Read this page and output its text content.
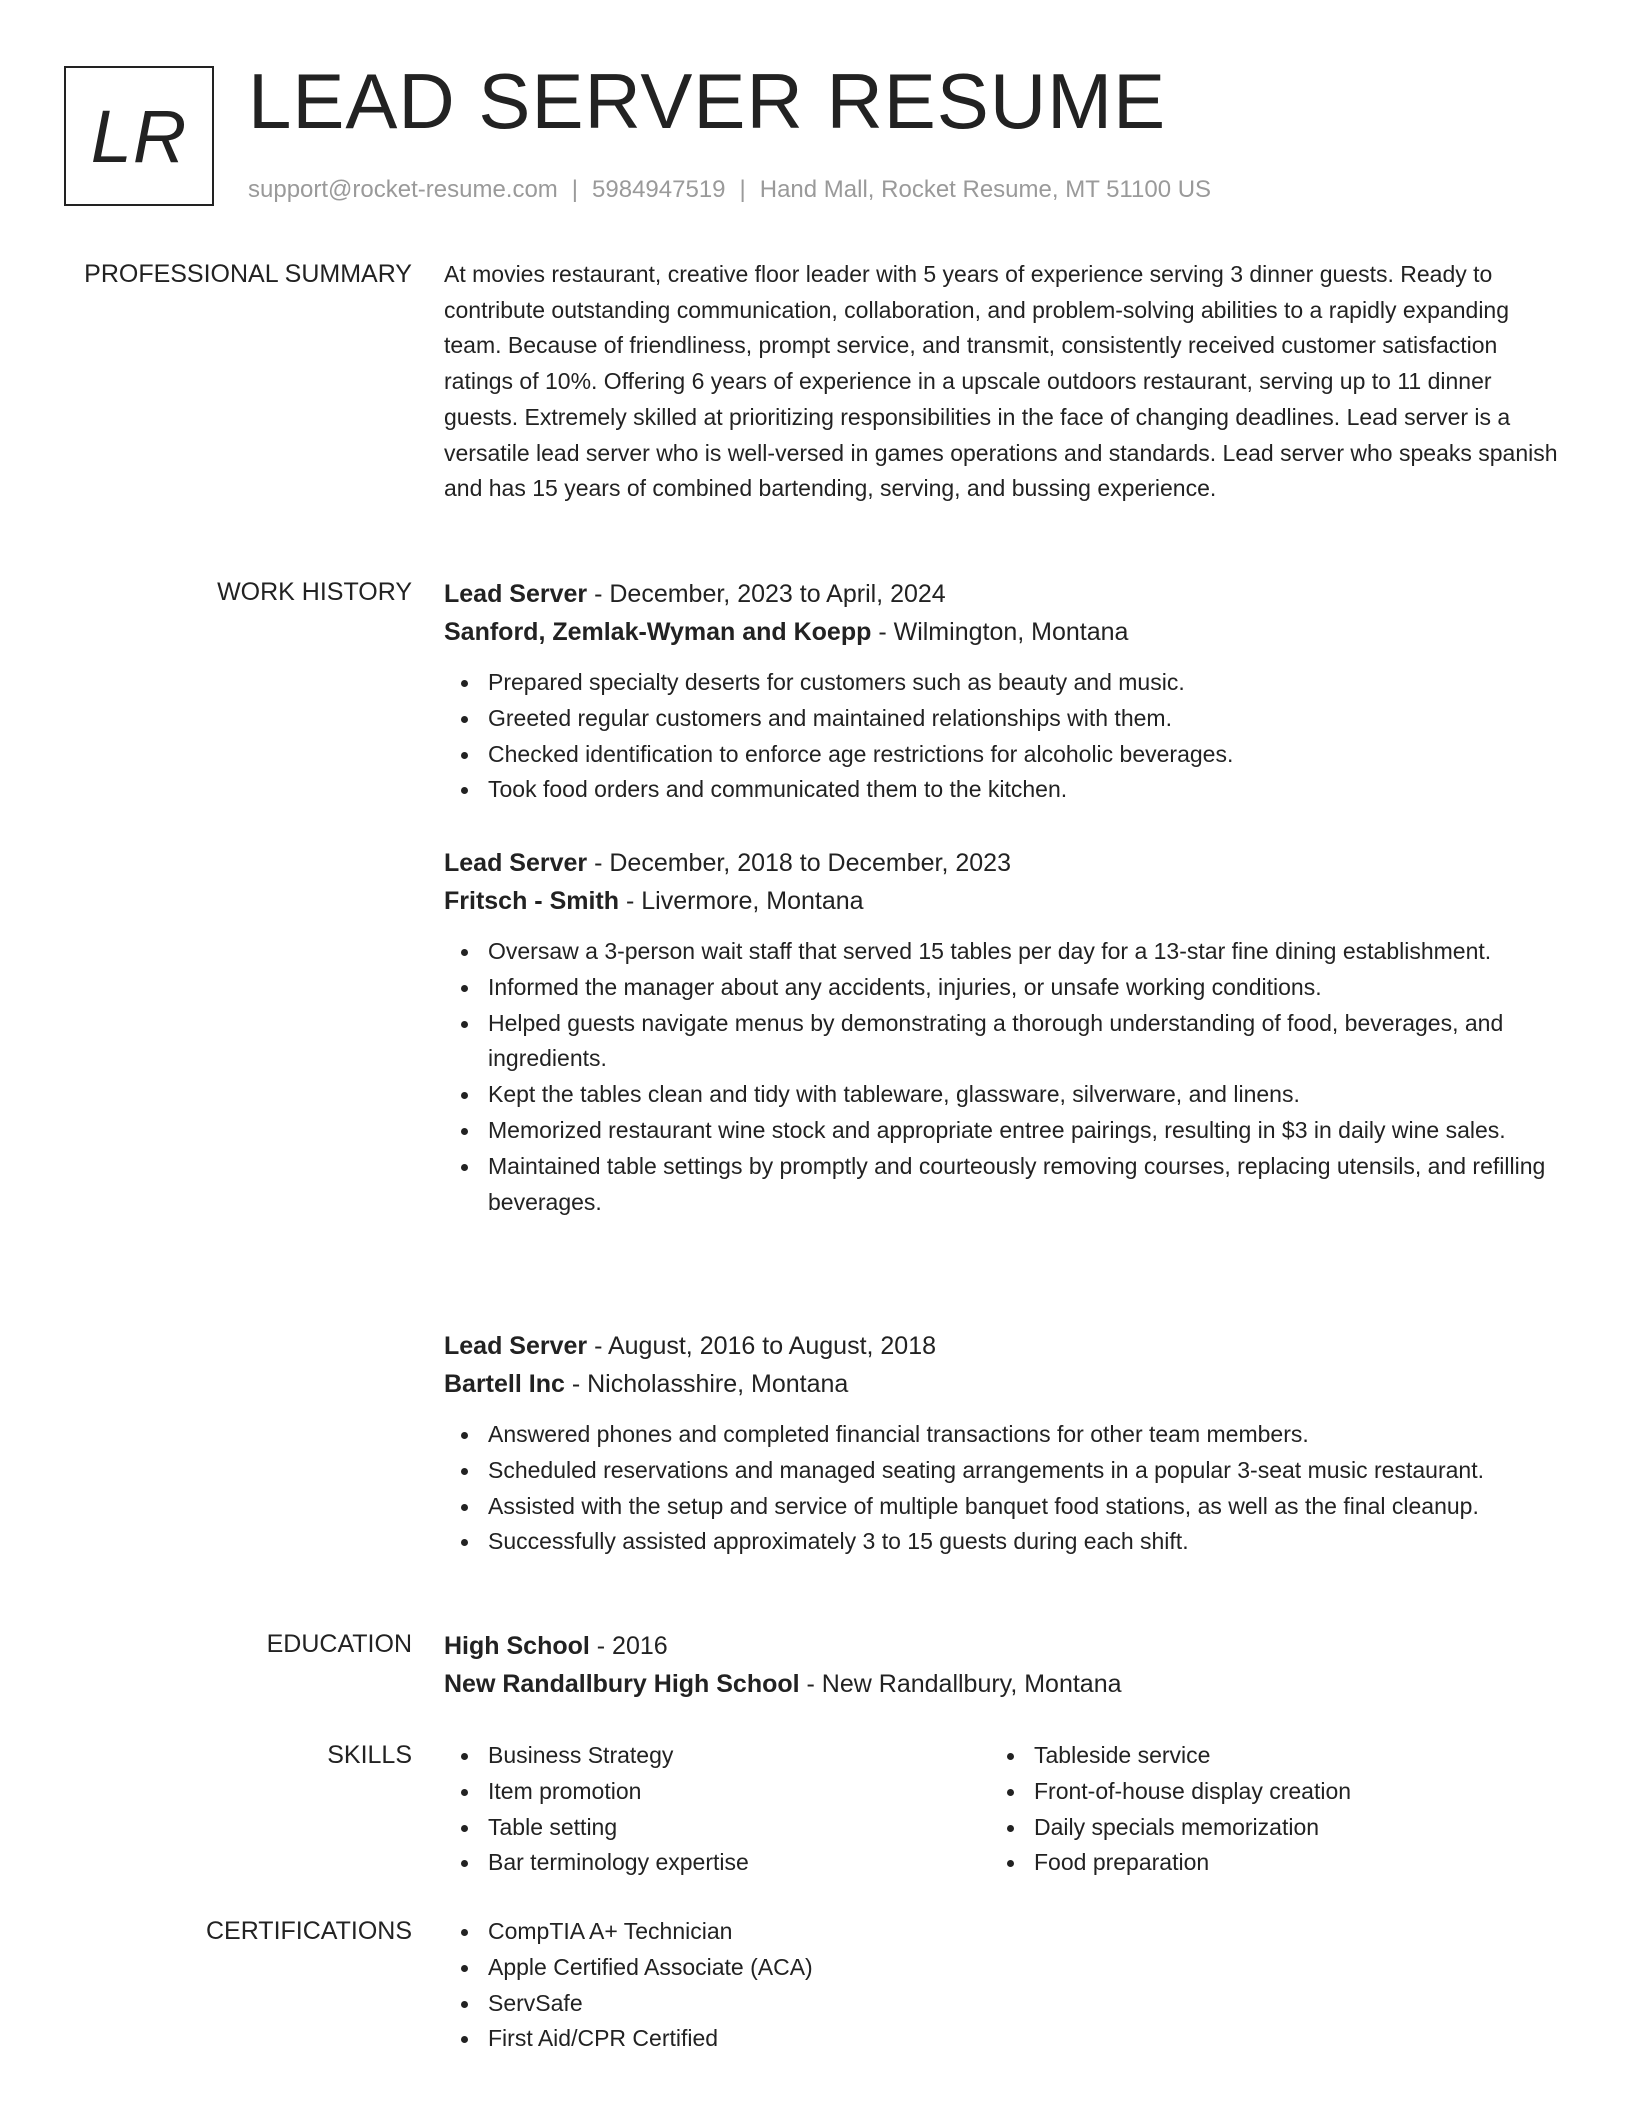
LR LEAD SERVER RESUME
support@rocket-resume.com | 5984947519 | Hand Mall, Rocket Resume, MT 51100 US
PROFESSIONAL SUMMARY At movies restaurant, creative floor leader with 5 years of experience serving 3 dinner guests. Ready to contribute outstanding communication, collaboration, and problem-solving abilities to a rapidly expanding team. Because of friendliness, prompt service, and transmit, consistently received customer satisfaction ratings of 10%. Offering 6 years of experience in a upscale outdoors restaurant, serving up to 11 dinner guests. Extremely skilled at prioritizing responsibilities in the face of changing deadlines. Lead server is a versatile lead server who is well-versed in games operations and standards. Lead server who speaks spanish and has 15 years of combined bartending, serving, and bussing experience.

WORK HISTORY Lead Server - December, 2023 to April, 2024
Sanford, Zemlak-Wyman and Koepp - Wilmington, Montana
Prepared specialty deserts for customers such as beauty and music.
Greeted regular customers and maintained relationships with them.
Checked identification to enforce age restrictions for alcoholic beverages.
Took food orders and communicated them to the kitchen.
Lead Server - December, 2018 to December, 2023
Fritsch - Smith - Livermore, Montana
Oversaw a 3-person wait staff that served 15 tables per day for a 13-star fine dining establishment.
Informed the manager about any accidents, injuries, or unsafe working conditions.
Helped guests navigate menus by demonstrating a thorough understanding of food, beverages, and ingredients.
Kept the tables clean and tidy with tableware, glassware, silverware, and linens.
Memorized restaurant wine stock and appropriate entree pairings, resulting in $3 in daily wine sales.
Maintained table settings by promptly and courteously removing courses, replacing utensils, and refilling beverages.
Lead Server - August, 2016 to August, 2018
Bartell Inc - Nicholasshire, Montana
Answered phones and completed financial transactions for other team members.
Scheduled reservations and managed seating arrangements in a popular 3-seat music restaurant.
Assisted with the setup and service of multiple banquet food stations, as well as the final cleanup.
Successfully assisted approximately 3 to 15 guests during each shift.
EDUCATION High School - 2016
New Randallbury High School - New Randallbury, Montana
SKILLS	Business Strategy
Item promotion
Table setting
Bar terminology expertise
Tableside service
Front-of-house display creation
Daily specials memorization
Food preparation
CERTIFICATIONS	CompTIA A+ Technician
Apple Certified Associate (ACA)
ServSafe
First Aid/CPR Certified
